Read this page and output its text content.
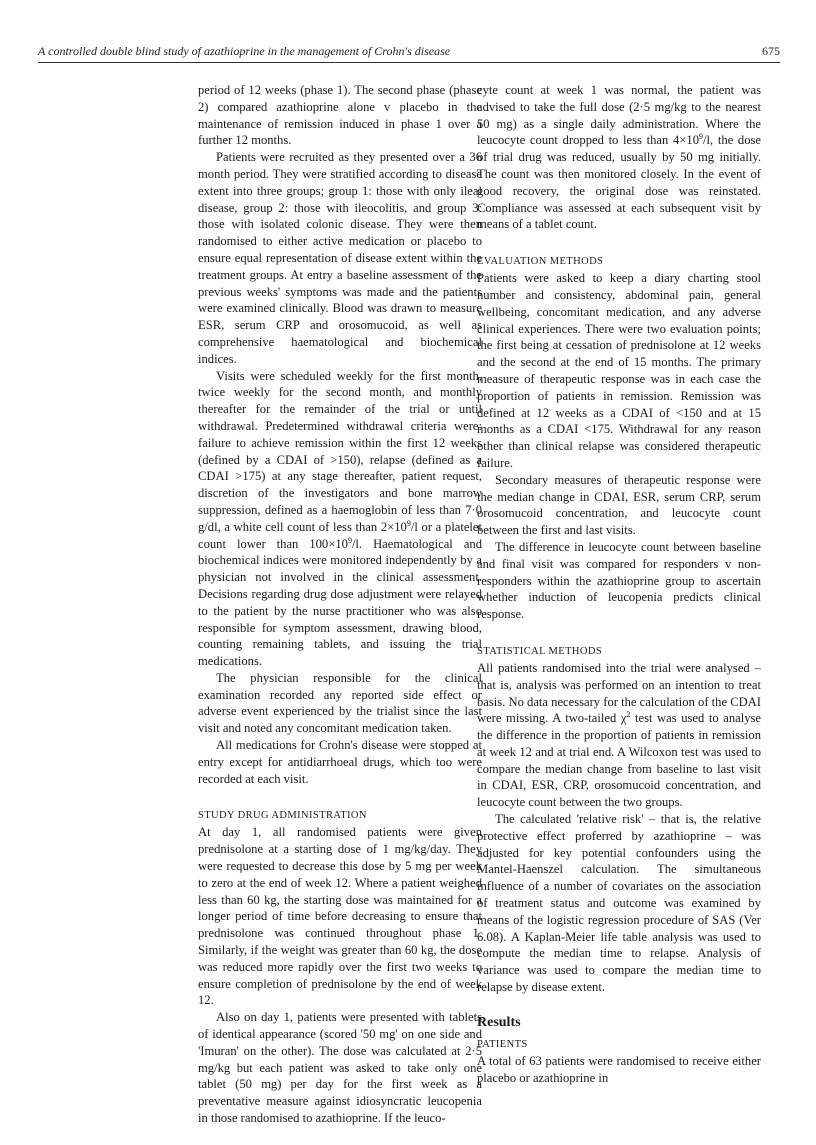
A controlled double blind study of azathioprine in the management of Crohn's disease	675

period of 12 weeks (phase 1). The second phase (phase 2) compared azathioprine alone v placebo in the maintenance of remission induced in phase 1 over a further 12 months.

Patients were recruited as they presented over a 36 month period. They were stratified according to disease extent into three groups; group 1: those with only ileal disease, group 2: those with ileocolitis, and group 3: those with isolated colonic disease. They were then randomised to either active medication or placebo to ensure equal representation of disease extent within the treatment groups. At entry a baseline assessment of the previous weeks' symptoms was made and the patients were examined clinically. Blood was drawn to measure ESR, serum CRP and orosomucoid, as well as comprehensive haematological and biochemical indices.

Visits were scheduled weekly for the first month, twice weekly for the second month, and monthly thereafter for the remainder of the trial or until withdrawal. Predetermined withdrawal criteria were: failure to achieve remission within the first 12 weeks (defined by a CDAI of >150), relapse (defined as a CDAI >175) at any stage thereafter, patient request, discretion of the investigators and bone marrow suppression, defined as a haemoglobin of less than 7·0 g/dl, a white cell count of less than $2\times 10^9/l$ or a platelet count lower than $100\times 10^9/l$. Haematological and biochemical indices were monitored independently by a physician not involved in the clinical assessment. Decisions regarding drug dose adjustment were relayed to the patient by the nurse practitioner who was also responsible for symptom assessment, drawing blood, counting remaining tablets, and issuing the trial medications.

The physician responsible for the clinical examination recorded any reported side effect or adverse event experienced by the trialist since the last visit and noted any concomitant medication taken.

All medications for Crohn's disease were stopped at entry except for antidiarrhoeal drugs, which too were recorded at each visit.

STUDY DRUG ADMINISTRATION

At day 1, all randomised patients were given prednisolone at a starting dose of 1 mg/kg/day. They were requested to decrease this dose by 5 mg per week to zero at the end of week 12. Where a patient weighed less than 60 kg, the starting dose was maintained for a longer period of time before decreasing to ensure that prednisolone was continued throughout phase 1. Similarly, if the weight was greater than 60 kg, the dose was reduced more rapidly over the first two weeks to ensure completion of prednisolone by the end of week 12.

Also on day 1, patients were presented with tablets of identical appearance (scored '50 mg' on one side and 'Imuran' on the other). The dose was calculated at 2·5 mg/kg but each patient was asked to take only one tablet (50 mg) per day for the first week as a preventative measure against idiosyncratic leucopenia in those randomised to azathioprine. If the leuco-

cyte count at week 1 was normal, the patient was advised to take the full dose (2·5 mg/kg to the nearest 50 mg) as a single daily administration. Where the leucocyte count dropped to less than $4\times 10^9/l$, the dose of trial drug was reduced, usually by 50 mg initially. The count was then monitored closely. In the event of good recovery, the original dose was reinstated. Compliance was assessed at each subsequent visit by means of a tablet count.

EVALUATION METHODS

Patients were asked to keep a diary charting stool number and consistency, abdominal pain, general wellbeing, concomitant medication, and any adverse clinical experiences. There were two evaluation points; the first being at cessation of prednisolone at 12 weeks and the second at the end of 15 months. The primary measure of therapeutic response was in each case the proportion of patients in remission. Remission was defined at 12 weeks as a CDAI of <150 and at 15 months as a CDAI <175. Withdrawal for any reason other than clinical relapse was considered therapeutic failure.

Secondary measures of therapeutic response were the median change in CDAI, ESR, serum CRP, serum orosomucoid concentration, and leucocyte count between the first and last visits.

The difference in leucocyte count between baseline and final visit was compared for responders v non-responders within the azathioprine group to ascertain whether induction of leucopenia predicts clinical response.

STATISTICAL METHODS

All patients randomised into the trial were analysed – that is, analysis was performed on an intention to treat basis. No data necessary for the calculation of the CDAI were missing. A two-tailed $\chi^2$ test was used to analyse the difference in the proportion of patients in remission at week 12 and at trial end. A Wilcoxon test was used to compare the median change from baseline to last visit in CDAI, ESR, CRP, orosomucoid concentration, and leucocyte count between the two groups.

The calculated 'relative risk' – that is, the relative protective effect proferred by azathioprine – was adjusted for key potential confounders using the Mantel-Haenszel calculation. The simultaneous influence of a number of covariates on the association of treatment status and outcome was examined by means of the logistic regression procedure of SAS (Ver 6.08). A Kaplan-Meier life table analysis was used to compute the median time to relapse. Analysis of variance was used to compare the median time to relapse by disease extent.

Results
PATIENTS

A total of 63 patients were randomised to receive either placebo or azathioprine in
